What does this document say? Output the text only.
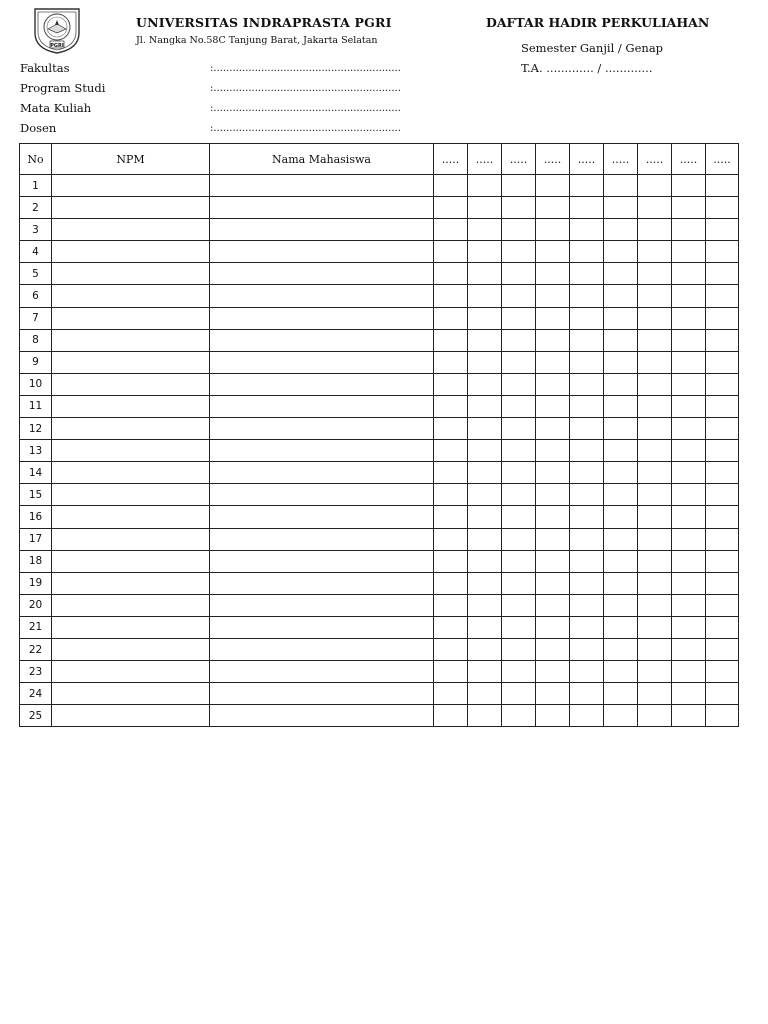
PGRI
UNIVERSITAS INDRAPRASTA PGRI
Jl. Nangka No.58C Tanjung Barat, Jakarta Selatan
DAFTAR HADIR PERKULIAHAN
Semester Ganjil / Genap
T.A. ............. / .............
Fakultas	:...........................................................
Program Studi	:...........................................................
Mata Kuliah	:...........................................................
Dosen	:...........................................................
No	NPM	Nama Mahasiswa	.....	.....	.....	.....	.....	.....	.....	.....	.....
1											
2											
3											
4											
5											
6											
7											
8											
9											
10											
11											
12											
13											
14											
15											
16											
17											
18											
19											
20											
21											
22											
23											
24											
25											
